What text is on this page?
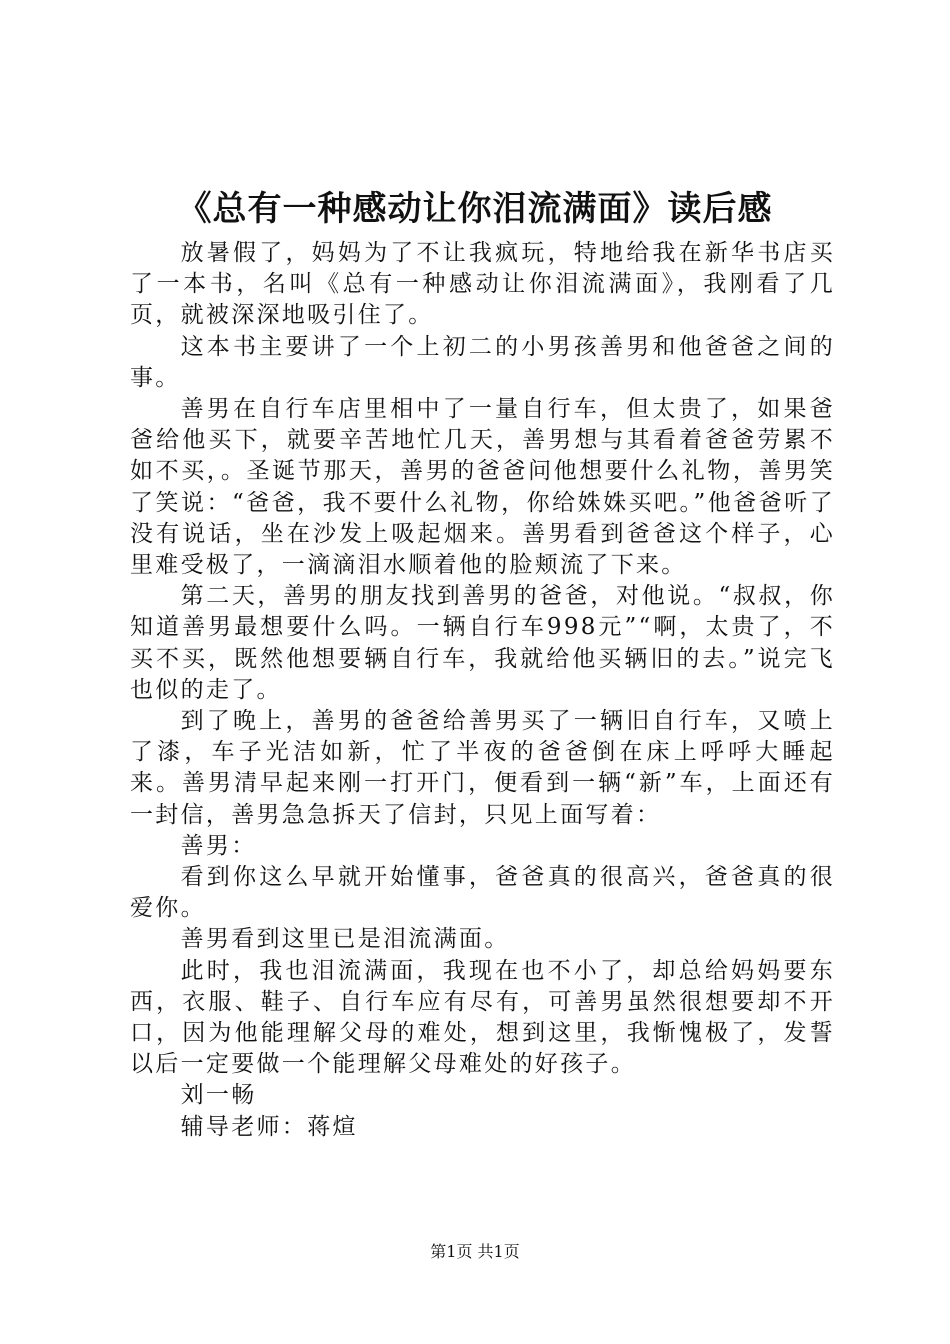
《总有一种感动让你泪流满面》读后感

放暑假了，妈妈为了不让我疯玩，特地给我在新华书店买了一本书，名叫《总有一种感动让你泪流满面》，我刚看了几页，就被深深地吸引住了。

这本书主要讲了一个上初二的小男孩善男和他爸爸之间的事。

善男在自行车店里相中了一量自行车，但太贵了，如果爸爸给他买下，就要辛苦地忙几天，善男想与其看着爸爸劳累不如不买，。圣诞节那天，善男的爸爸问他想要什么礼物，善男笑了笑说：“爸爸，我不要什么礼物，你给姝姝买吧。”他爸爸听了没有说话，坐在沙发上吸起烟来。善男看到爸爸这个样子，心里难受极了，一滴滴泪水顺着他的脸颊流了下来。

第二天，善男的朋友找到善男的爸爸，对他说。“叔叔，你知道善男最想要什么吗。一辆自行车998元”“啊，太贵了，不买不买，既然他想要辆自行车，我就给他买辆旧的去。”说完飞也似的走了。

到了晚上，善男的爸爸给善男买了一辆旧自行车，又喷上了漆，车子光洁如新，忙了半夜的爸爸倒在床上呼呼大睡起来。善男清早起来刚一打开门，便看到一辆“新”车，上面还有一封信，善男急急拆天了信封，只见上面写着：

善男：

看到你这么早就开始懂事，爸爸真的很高兴，爸爸真的很爱你。

善男看到这里已是泪流满面。

此时，我也泪流满面，我现在也不小了，却总给妈妈要东西，衣服、鞋子、自行车应有尽有，可善男虽然很想要却不开口，因为他能理解父母的难处，想到这里，我惭愧极了，发誓以后一定要做一个能理解父母难处的好孩子。

刘一畅

辅导老师：蒋煊

第1页 共1页
